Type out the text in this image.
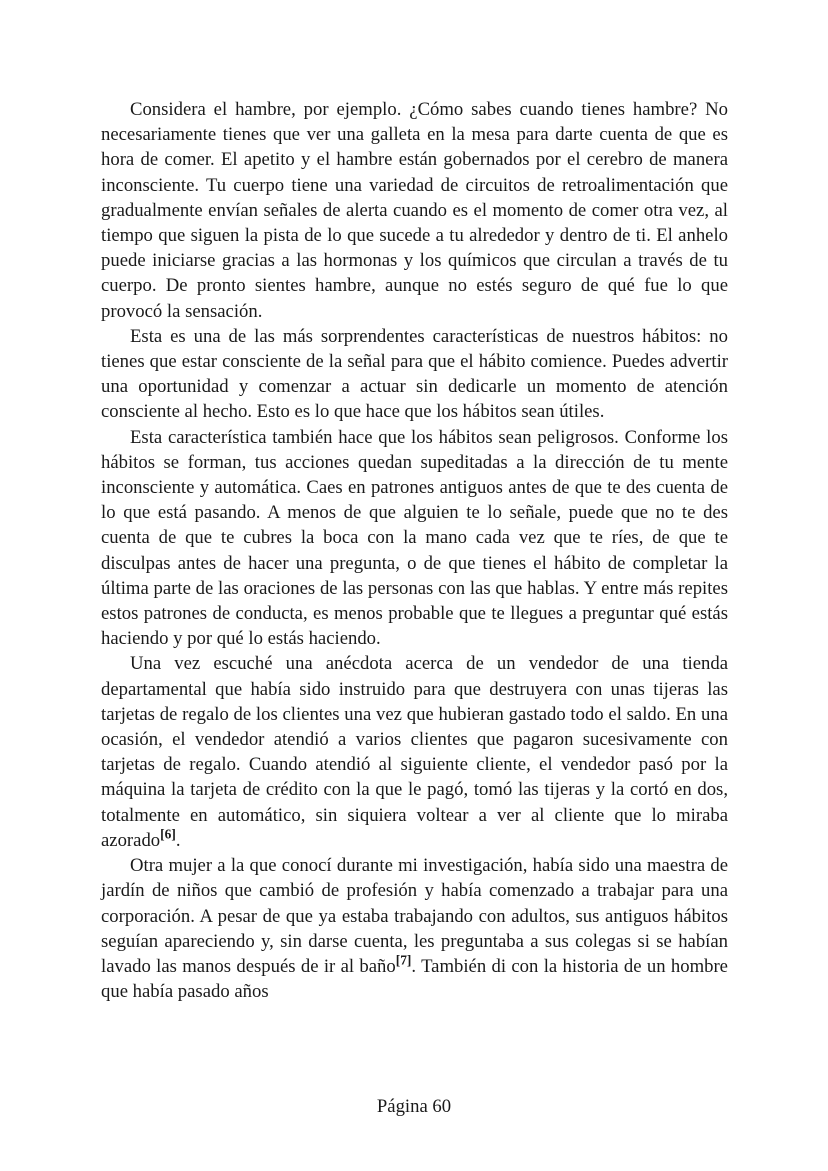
Considera el hambre, por ejemplo. ¿Cómo sabes cuando tienes hambre? No necesariamente tienes que ver una galleta en la mesa para darte cuenta de que es hora de comer. El apetito y el hambre están gobernados por el cerebro de manera inconsciente. Tu cuerpo tiene una variedad de circuitos de retroalimentación que gradualmente envían señales de alerta cuando es el momento de comer otra vez, al tiempo que siguen la pista de lo que sucede a tu alrededor y dentro de ti. El anhelo puede iniciarse gracias a las hormonas y los químicos que circulan a través de tu cuerpo. De pronto sientes hambre, aunque no estés seguro de qué fue lo que provocó la sensación.

Esta es una de las más sorprendentes características de nuestros hábitos: no tienes que estar consciente de la señal para que el hábito comience. Puedes advertir una oportunidad y comenzar a actuar sin dedicarle un momento de atención consciente al hecho. Esto es lo que hace que los hábitos sean útiles.

Esta característica también hace que los hábitos sean peligrosos. Conforme los hábitos se forman, tus acciones quedan supeditadas a la dirección de tu mente inconsciente y automática. Caes en patrones antiguos antes de que te des cuenta de lo que está pasando. A menos de que alguien te lo señale, puede que no te des cuenta de que te cubres la boca con la mano cada vez que te ríes, de que te disculpas antes de hacer una pregunta, o de que tienes el hábito de completar la última parte de las oraciones de las personas con las que hablas. Y entre más repites estos patrones de conducta, es menos probable que te llegues a preguntar qué estás haciendo y por qué lo estás haciendo.

Una vez escuché una anécdota acerca de un vendedor de una tienda departamental que había sido instruido para que destruyera con unas tijeras las tarjetas de regalo de los clientes una vez que hubieran gastado todo el saldo. En una ocasión, el vendedor atendió a varios clientes que pagaron sucesivamente con tarjetas de regalo. Cuando atendió al siguiente cliente, el vendedor pasó por la máquina la tarjeta de crédito con la que le pagó, tomó las tijeras y la cortó en dos, totalmente en automático, sin siquiera voltear a ver al cliente que lo miraba azorado[6].

Otra mujer a la que conocí durante mi investigación, había sido una maestra de jardín de niños que cambió de profesión y había comenzado a trabajar para una corporación. A pesar de que ya estaba trabajando con adultos, sus antiguos hábitos seguían apareciendo y, sin darse cuenta, les preguntaba a sus colegas si se habían lavado las manos después de ir al baño[7]. También di con la historia de un hombre que había pasado años

Página 60
